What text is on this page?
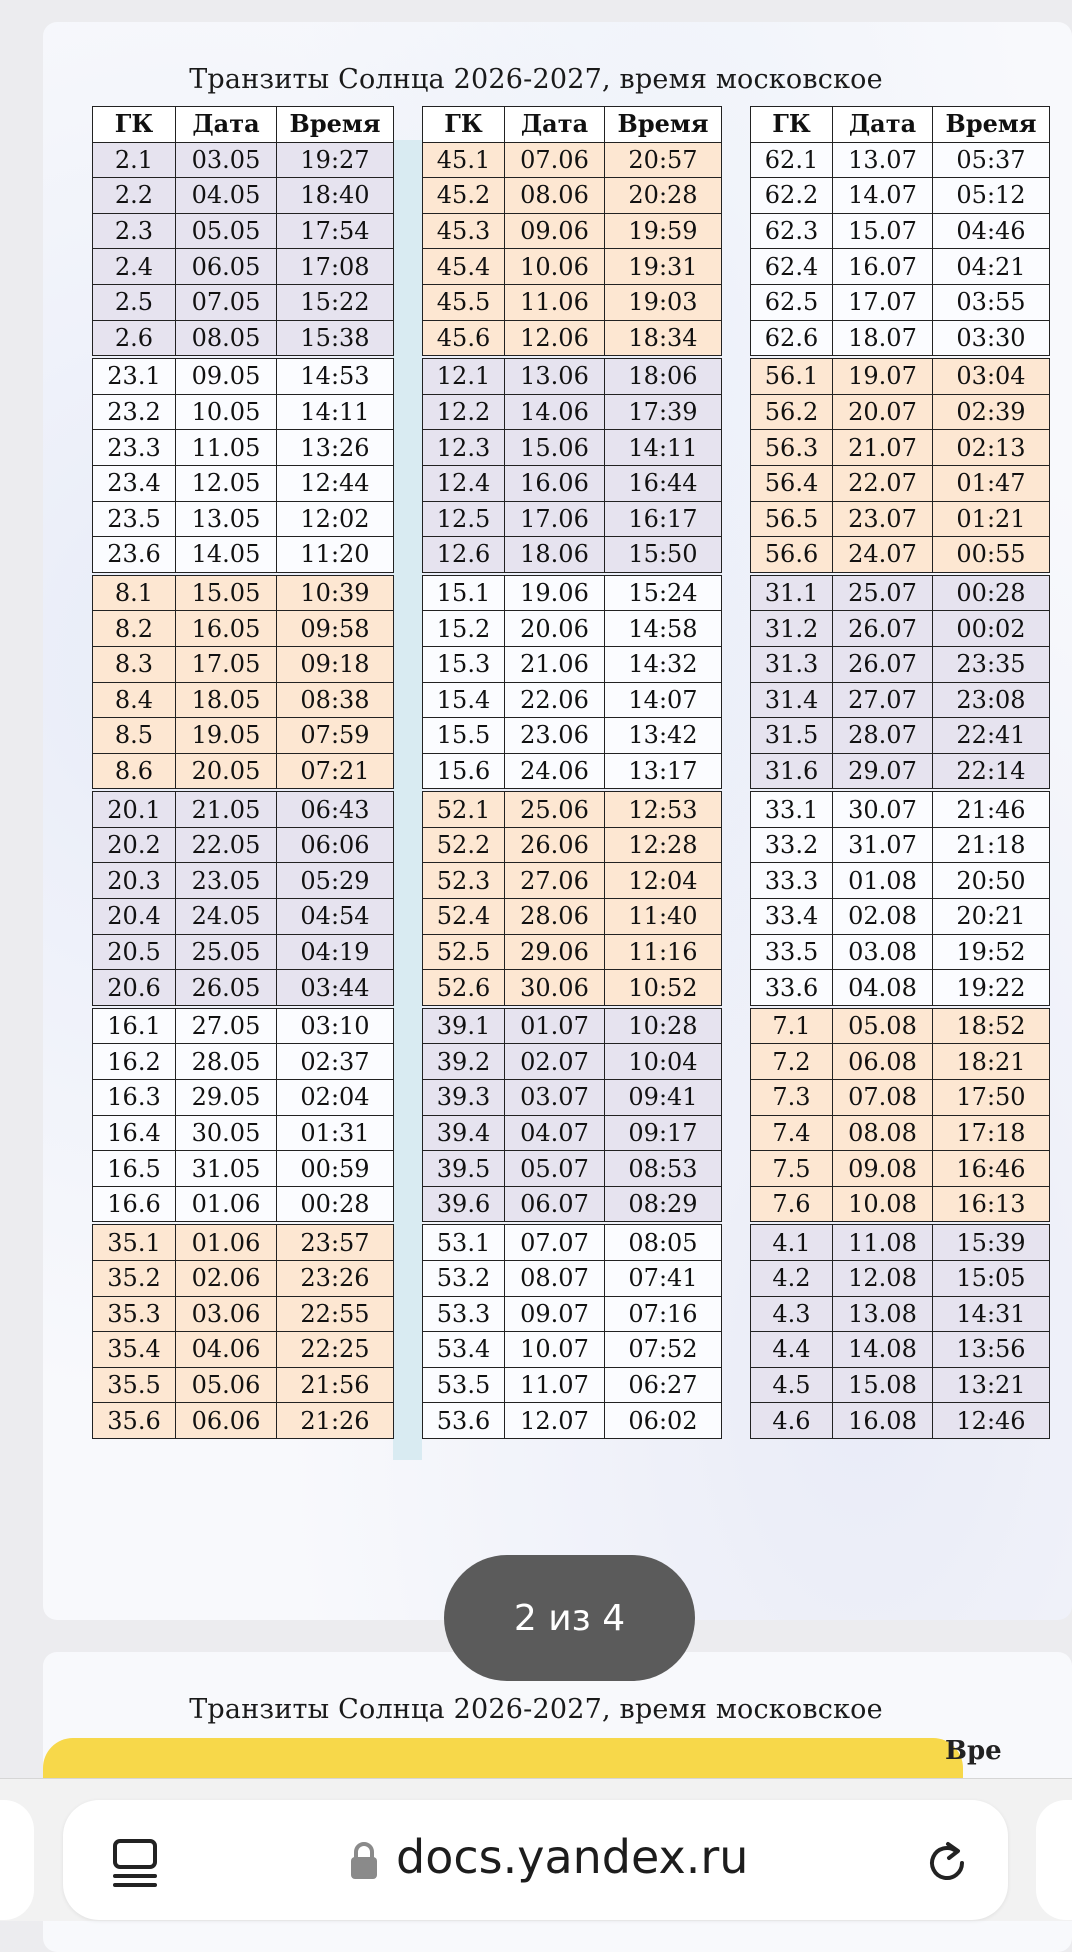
Транзиты Солнца 2026-2027, время московское
ГК	Дата	Время
2.1	03.05	19:27
2.2	04.05	18:40
2.3	05.05	17:54
2.4	06.05	17:08
2.5	07.05	15:22
2.6	08.05	15:38
23.1	09.05	14:53
23.2	10.05	14:11
23.3	11.05	13:26
23.4	12.05	12:44
23.5	13.05	12:02
23.6	14.05	11:20
8.1	15.05	10:39
8.2	16.05	09:58
8.3	17.05	09:18
8.4	18.05	08:38
8.5	19.05	07:59
8.6	20.05	07:21
20.1	21.05	06:43
20.2	22.05	06:06
20.3	23.05	05:29
20.4	24.05	04:54
20.5	25.05	04:19
20.6	26.05	03:44
16.1	27.05	03:10
16.2	28.05	02:37
16.3	29.05	02:04
16.4	30.05	01:31
16.5	31.05	00:59
16.6	01.06	00:28
35.1	01.06	23:57
35.2	02.06	23:26
35.3	03.06	22:55
35.4	04.06	22:25
35.5	05.06	21:56
35.6	06.06	21:26
ГК	Дата	Время
45.1	07.06	20:57
45.2	08.06	20:28
45.3	09.06	19:59
45.4	10.06	19:31
45.5	11.06	19:03
45.6	12.06	18:34
12.1	13.06	18:06
12.2	14.06	17:39
12.3	15.06	14:11
12.4	16.06	16:44
12.5	17.06	16:17
12.6	18.06	15:50
15.1	19.06	15:24
15.2	20.06	14:58
15.3	21.06	14:32
15.4	22.06	14:07
15.5	23.06	13:42
15.6	24.06	13:17
52.1	25.06	12:53
52.2	26.06	12:28
52.3	27.06	12:04
52.4	28.06	11:40
52.5	29.06	11:16
52.6	30.06	10:52
39.1	01.07	10:28
39.2	02.07	10:04
39.3	03.07	09:41
39.4	04.07	09:17
39.5	05.07	08:53
39.6	06.07	08:29
53.1	07.07	08:05
53.2	08.07	07:41
53.3	09.07	07:16
53.4	10.07	07:52
53.5	11.07	06:27
53.6	12.07	06:02
ГК	Дата	Время
62.1	13.07	05:37
62.2	14.07	05:12
62.3	15.07	04:46
62.4	16.07	04:21
62.5	17.07	03:55
62.6	18.07	03:30
56.1	19.07	03:04
56.2	20.07	02:39
56.3	21.07	02:13
56.4	22.07	01:47
56.5	23.07	01:21
56.6	24.07	00:55
31.1	25.07	00:28
31.2	26.07	00:02
31.3	26.07	23:35
31.4	27.07	23:08
31.5	28.07	22:41
31.6	29.07	22:14
33.1	30.07	21:46
33.2	31.07	21:18
33.3	01.08	20:50
33.4	02.08	20:21
33.5	03.08	19:52
33.6	04.08	19:22
7.1	05.08	18:52
7.2	06.08	18:21
7.3	07.08	17:50
7.4	08.08	17:18
7.5	09.08	16:46
7.6	10.08	16:13
4.1	11.08	15:39
4.2	12.08	15:05
4.3	13.08	14:31
4.4	14.08	13:56
4.5	15.08	13:21
4.6	16.08	12:46
Транзиты Солнца 2026-2027, время московское
2 из 4
Вре
docs.yandex.ru
